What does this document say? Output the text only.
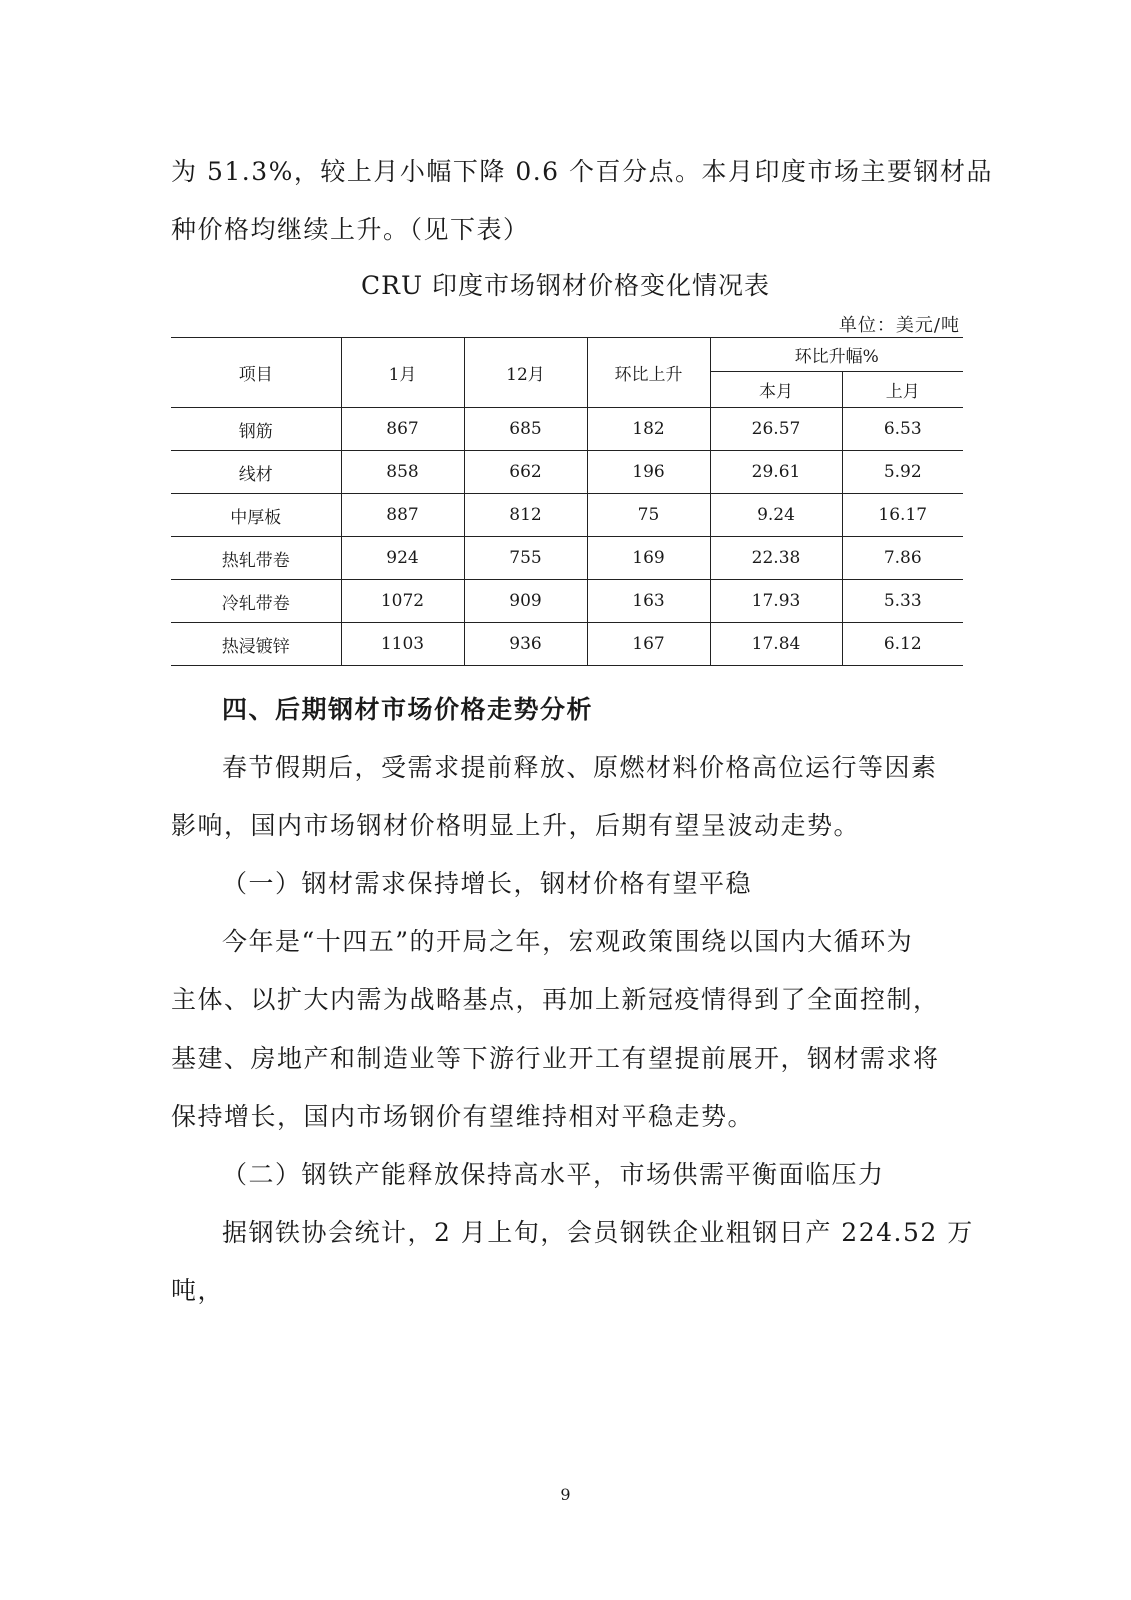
为 51.3%，较上月小幅下降 0.6 个百分点。本月印度市场主要钢材品
种价格均继续上升。（见下表）
CRU 印度市场钢材价格变化情况表
单位：美元/吨
项目	1月	12月	环比上升	环比升幅%	
				本月	上月
钢筋	867	685	182	26.57	6.53
线材	858	662	196	29.61	5.92
中厚板	887	812	75	9.24	16.17
热轧带卷	924	755	169	22.38	7.86
冷轧带卷	1072	909	163	17.93	5.33
热浸镀锌	1103	936	167	17.84	6.12
四、后期钢材市场价格走势分析
春节假期后，受需求提前释放、原燃材料价格高位运行等因素
影响，国内市场钢材价格明显上升，后期有望呈波动走势。
（一）钢材需求保持增长，钢材价格有望平稳
今年是“十四五”的开局之年，宏观政策围绕以国内大循环为
主体、以扩大内需为战略基点，再加上新冠疫情得到了全面控制，
基建、房地产和制造业等下游行业开工有望提前展开，钢材需求将
保持增长，国内市场钢价有望维持相对平稳走势。
（二）钢铁产能释放保持高水平，市场供需平衡面临压力
据钢铁协会统计，2 月上旬，会员钢铁企业粗钢日产 224.52 万
吨，
9
